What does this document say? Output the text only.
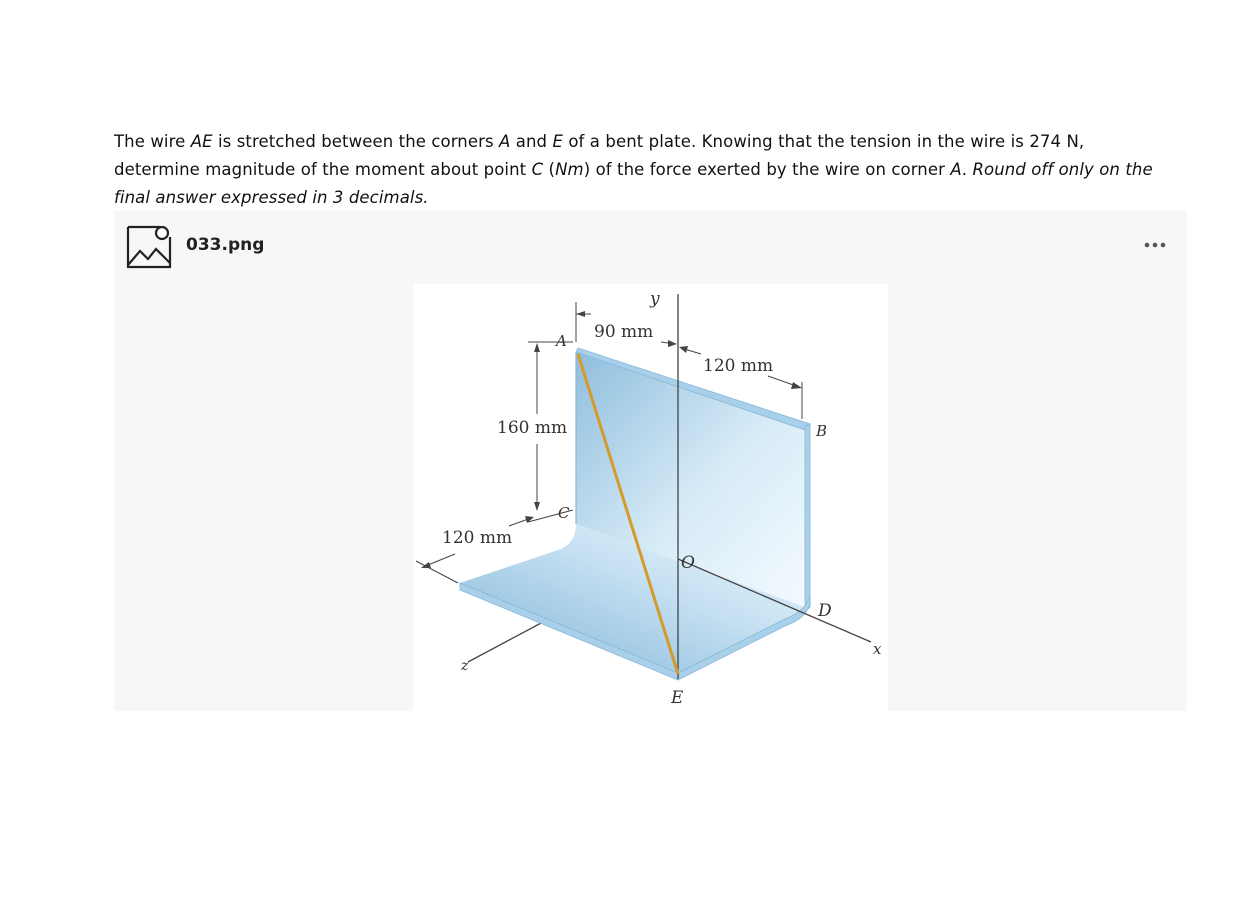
The wire AE is stretched between the corners A and E of a bent plate. Knowing that the tension in the wire is 274 N, determine magnitude of the moment about point C (Nm) of the force exerted by the wire on corner A. Round off only on the final answer expressed in 3 decimals.
033.png
90 mm
120 mm
160 mm
120 mm
y
A
B
C
O
D
x
z
E
